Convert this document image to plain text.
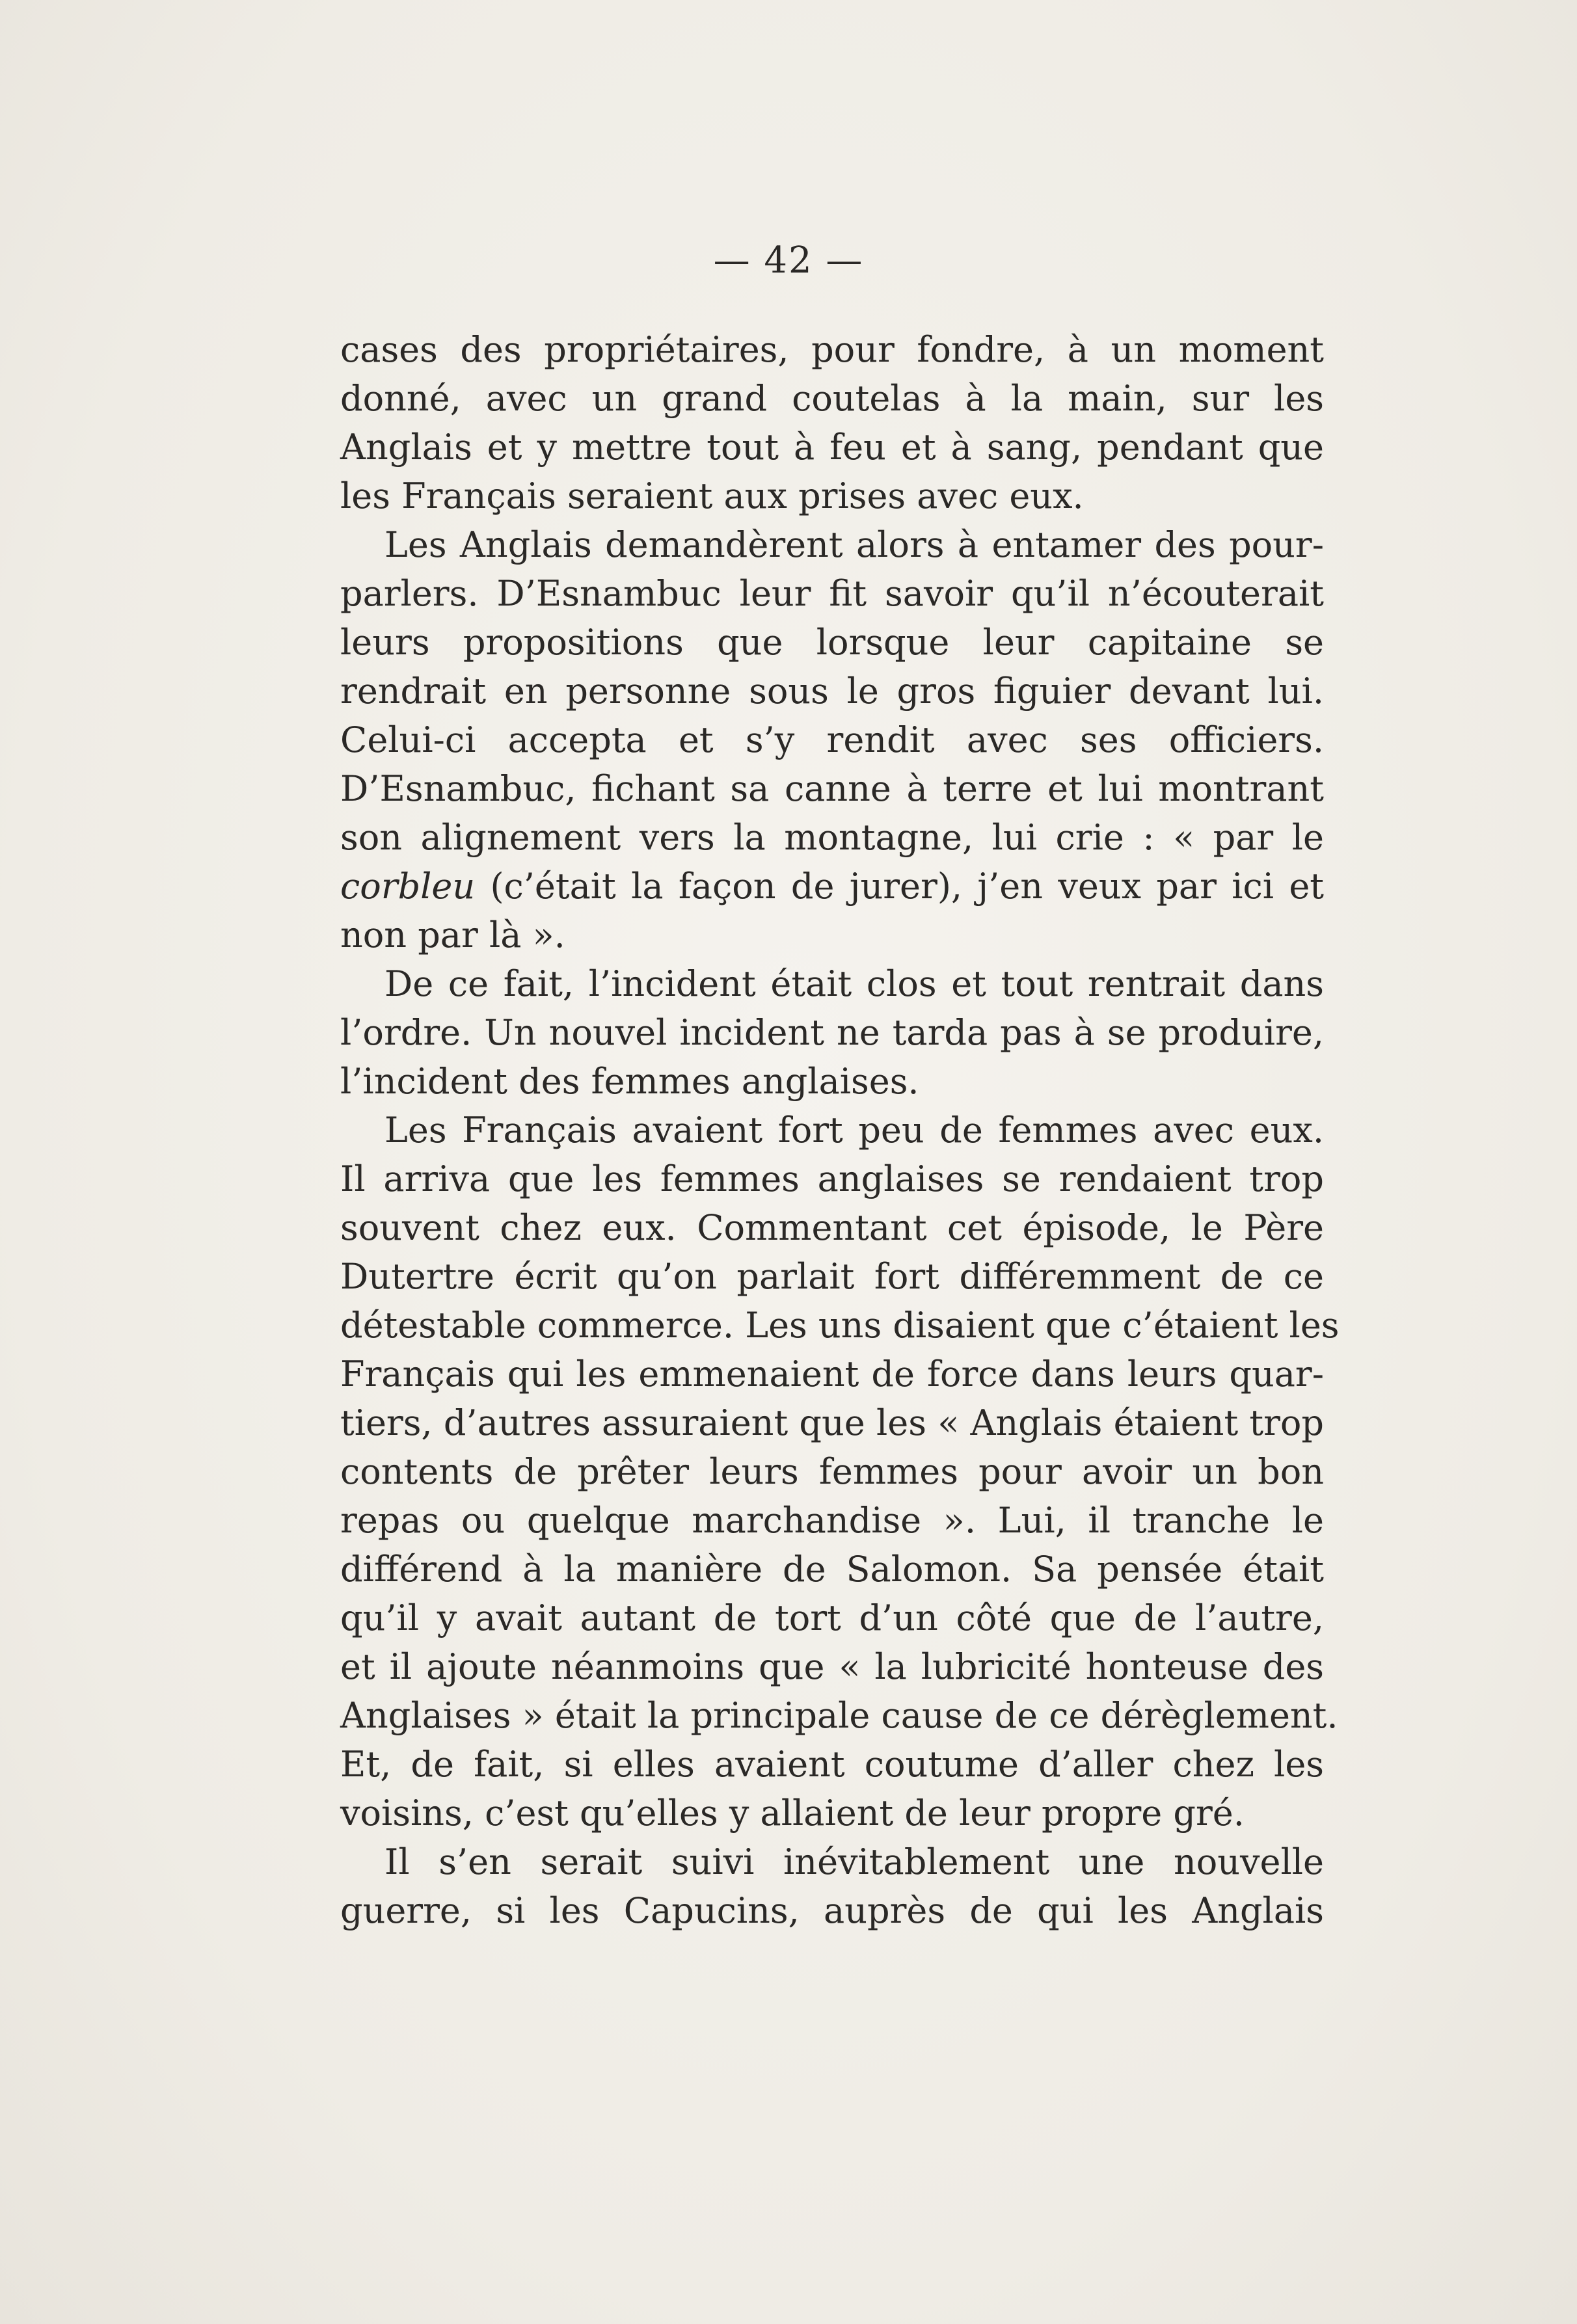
— 42 —
cases des propriétaires, pour fondre, à un moment
donné, avec un grand coutelas à la main, sur les
Anglais et y mettre tout à feu et à sang, pendant que
les Français seraient aux prises avec eux.
Les Anglais demandèrent alors à entamer des pour-
parlers. D’Esnambuc leur fit savoir qu’il n’écouterait
leurs propositions que lorsque leur capitaine se
rendrait en personne sous le gros figuier devant lui.
Celui-ci accepta et s’y rendit avec ses officiers.
D’Esnambuc, fichant sa canne à terre et lui montrant
son alignement vers la montagne, lui crie : « par le
corbleu (c’était la façon de jurer), j’en veux par ici et
non par là ».
De ce fait, l’incident était clos et tout rentrait dans
l’ordre. Un nouvel incident ne tarda pas à se produire,
l’incident des femmes anglaises.
Les Français avaient fort peu de femmes avec eux.
Il arriva que les femmes anglaises se rendaient trop
souvent chez eux. Commentant cet épisode, le Père
Dutertre écrit qu’on parlait fort différemment de ce
détestable commerce. Les uns disaient que c’étaient les
Français qui les emmenaient de force dans leurs quar-
tiers, d’autres assuraient que les « Anglais étaient trop
contents de prêter leurs femmes pour avoir un bon
repas ou quelque marchandise ». Lui, il tranche le
différend à la manière de Salomon. Sa pensée était
qu’il y avait autant de tort d’un côté que de l’autre,
et il ajoute néanmoins que « la lubricité honteuse des
Anglaises » était la principale cause de ce dérèglement.
Et, de fait, si elles avaient coutume d’aller chez les
voisins, c’est qu’elles y allaient de leur propre gré.
Il s’en serait suivi inévitablement une nouvelle
guerre, si les Capucins, auprès de qui les Anglais
